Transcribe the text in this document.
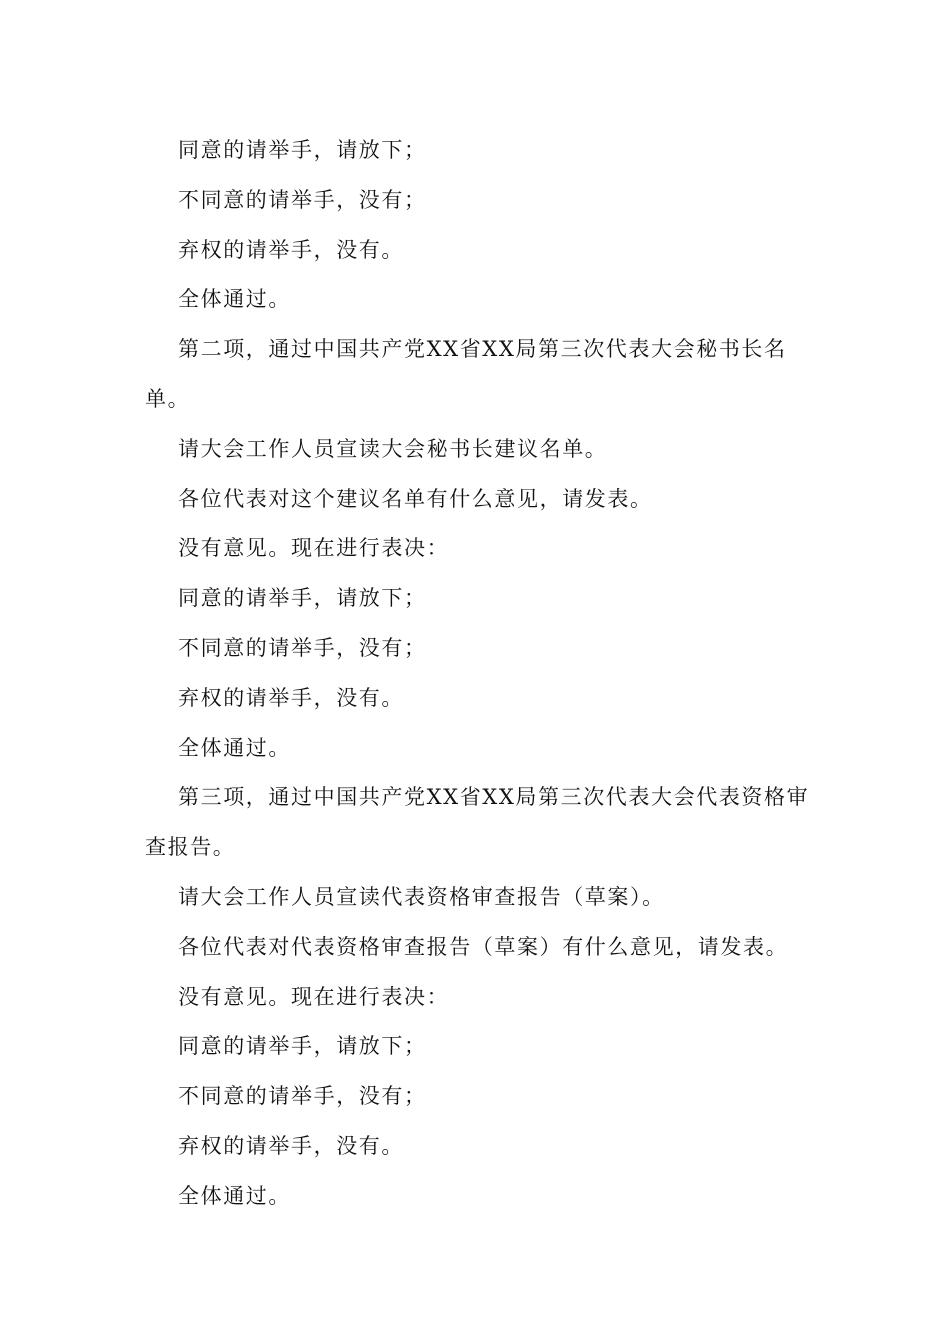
同意的请举手，请放下；

不同意的请举手，没有；

弃权的请举手，没有。

全体通过。

第二项，通过中国共产党XX省XX局第三次代表大会秘书长名单。

请大会工作人员宣读大会秘书长建议名单。

各位代表对这个建议名单有什么意见，请发表。

没有意见。现在进行表决：

同意的请举手，请放下；

不同意的请举手，没有；

弃权的请举手，没有。

全体通过。

第三项，通过中国共产党XX省XX局第三次代表大会代表资格审查报告。

请大会工作人员宣读代表资格审查报告（草案）。

各位代表对代表资格审查报告（草案）有什么意见，请发表。

没有意见。现在进行表决：

同意的请举手，请放下；

不同意的请举手，没有；

弃权的请举手，没有。

全体通过。
